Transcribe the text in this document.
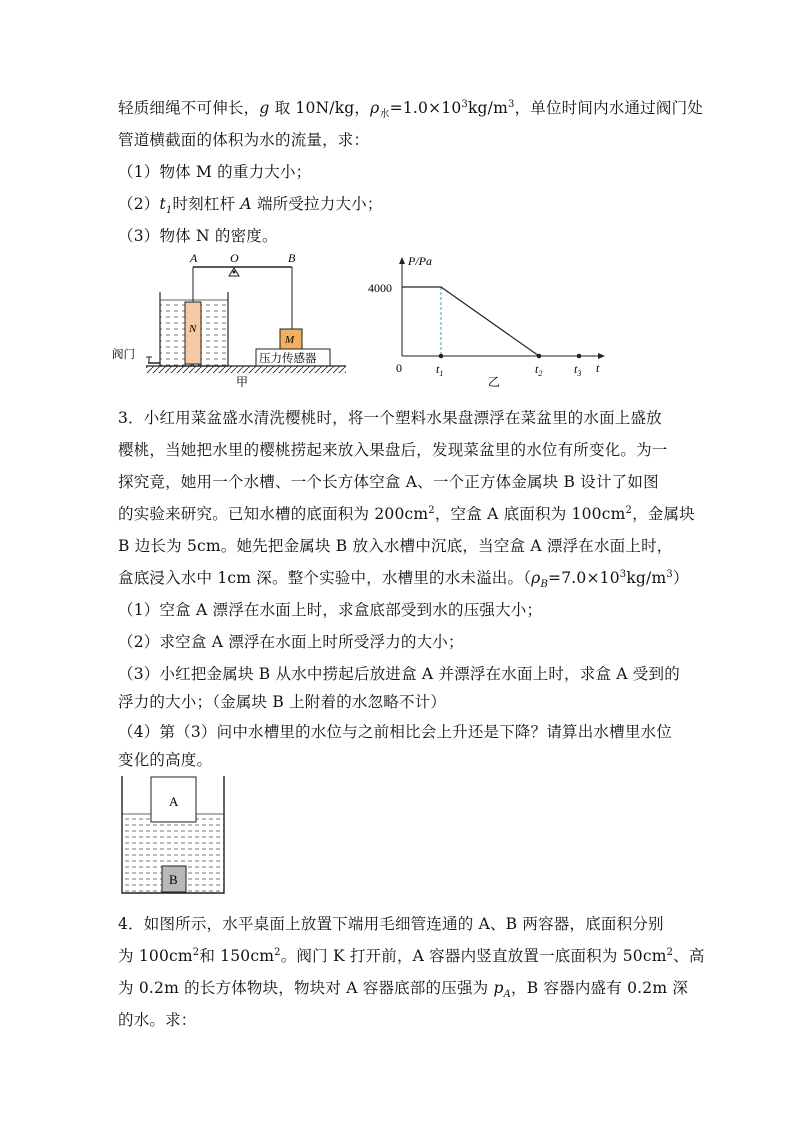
轻质细绳不可伸长，g 取 10N/kg，$\rho_水=1.0\times 10^3kg/m^3$，单位时间内水通过阀门处
管道横截面的体积为水的流量，求：
（1）物体 M 的重力大小；
$(2)t_1$时刻杠杆 A 端所受拉力大小；
（3）物体 N 的密度。
A	O	B
N
M
压力传感器
阀门
甲
P/Pa
4000
0	$t_1$	$t_2$	$t_3$ t
乙
3．小红用菜盆盛水清洗樱桃时，将一个塑料水果盘漂浮在菜盆里的水面上盛放
樱桃，当她把水里的樱桃捞起来放入果盘后，发现菜盆里的水位有所变化。为一
探究竟，她用一个水槽、一个长方体空盒 A、一个正方体金属块 B 设计了如图
的实验来研究。已知水槽的底面积为 $200cm^2$，空盒 A 底面积为 $100cm^2$，金属块
B 边长为 5cm。她先把金属块 B 放入水槽中沉底，当空盒 A 漂浮在水面上时，
盒底浸入水中 1cm 深。整个实验中，水槽里的水未溢出。$(\rho_B=7.0\times 10^3kg/m^3)$
（1）空盒 A 漂浮在水面上时，求盒底部受到水的压强大小；
（2）求空盒 A 漂浮在水面上时所受浮力的大小；
（3）小红把金属块 B 从水中捞起后放进盒 A 并漂浮在水面上时，求盒 A 受到的
浮力的大小；（金属块 B 上附着的水忽略不计）
（4）第（3）问中水槽里的水位与之前相比会上升还是下降？请算出水槽里水位
变化的高度。
A
B
4．如图所示，水平桌面上放置下端用毛细管连通的 A、B 两容器，底面积分别
为 $100cm^2$和 $150cm^2$。阀门 K 打开前，A 容器内竖直放置一底面积为 $50cm^2$、高
为 0.2m 的长方体物块，物块对 A 容器底部的压强为 $p_A$，B 容器内盛有 0.2m 深
的水。求：
